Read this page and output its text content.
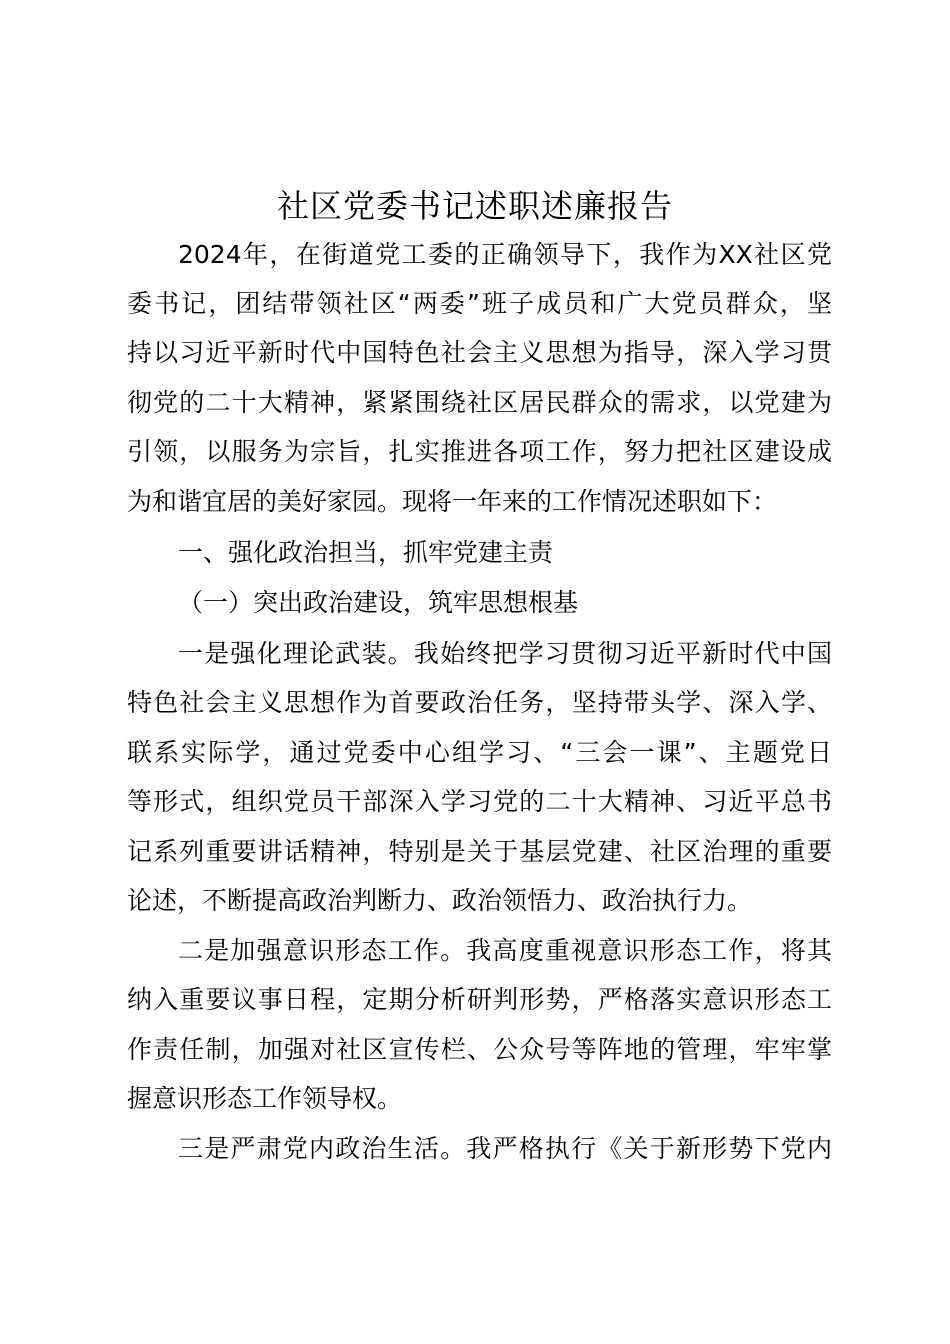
社区党委书记述职述廉报告
2024年，在街道党工委的正确领导下，我作为XX社区党
委书记，团结带领社区“两委”班子成员和广大党员群众，坚
持以习近平新时代中国特色社会主义思想为指导，深入学习贯
彻党的二十大精神，紧紧围绕社区居民群众的需求，以党建为
引领，以服务为宗旨，扎实推进各项工作，努力把社区建设成
为和谐宜居的美好家园。现将一年来的工作情况述职如下：
一、强化政治担当，抓牢党建主责
（一）突出政治建设，筑牢思想根基
一是强化理论武装。我始终把学习贯彻习近平新时代中国
特色社会主义思想作为首要政治任务，坚持带头学、深入学、
联系实际学，通过党委中心组学习、“三会一课”、主题党日
等形式，组织党员干部深入学习党的二十大精神、习近平总书
记系列重要讲话精神，特别是关于基层党建、社区治理的重要
论述，不断提高政治判断力、政治领悟力、政治执行力。
二是加强意识形态工作。我高度重视意识形态工作，将其
纳入重要议事日程，定期分析研判形势，严格落实意识形态工
作责任制，加强对社区宣传栏、公众号等阵地的管理，牢牢掌
握意识形态工作领导权。
三是严肃党内政治生活。我严格执行《关于新形势下党内
